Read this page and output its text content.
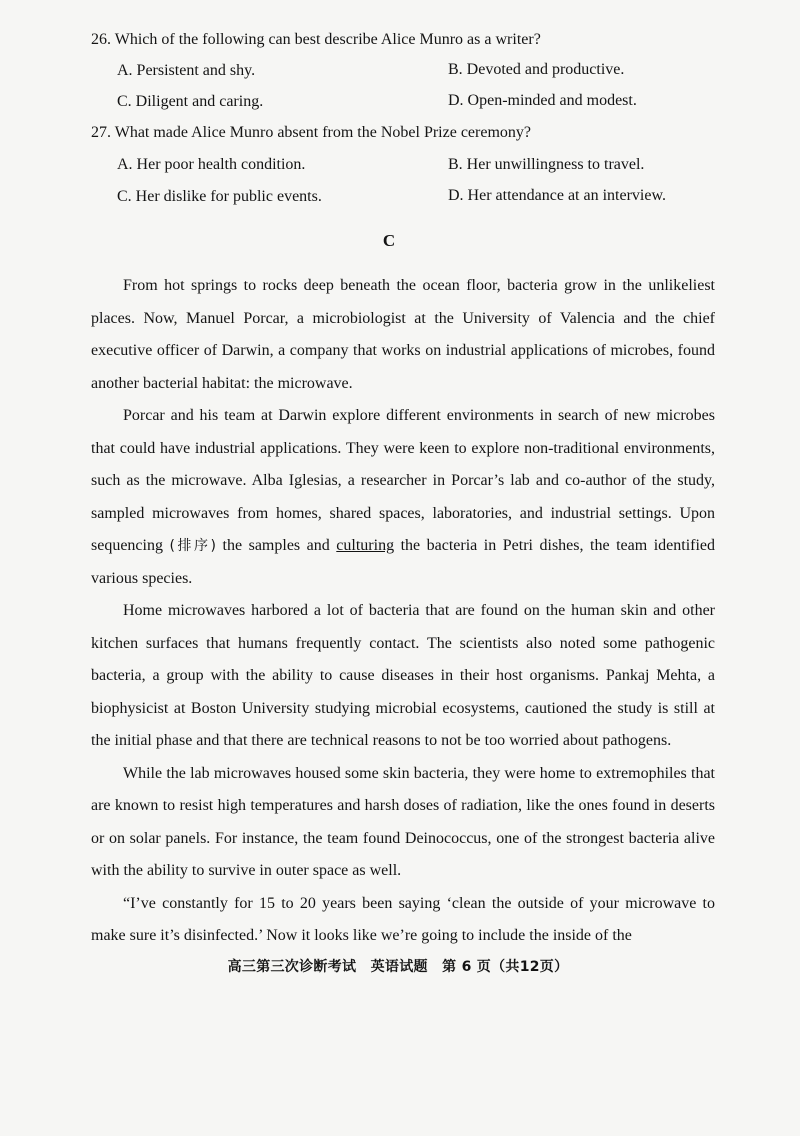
26. Which of the following can best describe Alice Munro as a writer?
A. Persistent and shy.	B. Devoted and productive.
C. Diligent and caring.	D. Open-minded and modest.
27. What made Alice Munro absent from the Nobel Prize ceremony?
A. Her poor health condition.	B. Her unwillingness to travel.
C. Her dislike for public events.	D. Her attendance at an interview.
C

From hot springs to rocks deep beneath the ocean floor, bacteria grow in the unlikeliest places. Now, Manuel Porcar, a microbiologist at the University of Valencia and the chief executive officer of Darwin, a company that works on industrial applications of microbes, found another bacterial habitat: the microwave.

Porcar and his team at Darwin explore different environments in search of new microbes that could have industrial applications. They were keen to explore non-traditional environments, such as the microwave. Alba Iglesias, a researcher in Porcar’s lab and co-author of the study, sampled microwaves from homes, shared spaces, laboratories, and industrial settings. Upon sequencing (排序) the samples and culturing the bacteria in Petri dishes, the team identified various species.

Home microwaves harbored a lot of bacteria that are found on the human skin and other kitchen surfaces that humans frequently contact. The scientists also noted some pathogenic bacteria, a group with the ability to cause diseases in their host organisms. Pankaj Mehta, a biophysicist at Boston University studying microbial ecosystems, cautioned the study is still at the initial phase and that there are technical reasons to not be too worried about pathogens.

While the lab microwaves housed some skin bacteria, they were home to extremophiles that are known to resist high temperatures and harsh doses of radiation, like the ones found in deserts or on solar panels. For instance, the team found Deinococcus, one of the strongest bacteria alive with the ability to survive in outer space as well.

“I’ve constantly for 15 to 20 years been saying ‘clean the outside of your microwave to make sure it’s disinfected.’ Now it looks like we’re going to include the inside of the

高三第三次诊断考试　英语试题　第 6 页（共12页）
